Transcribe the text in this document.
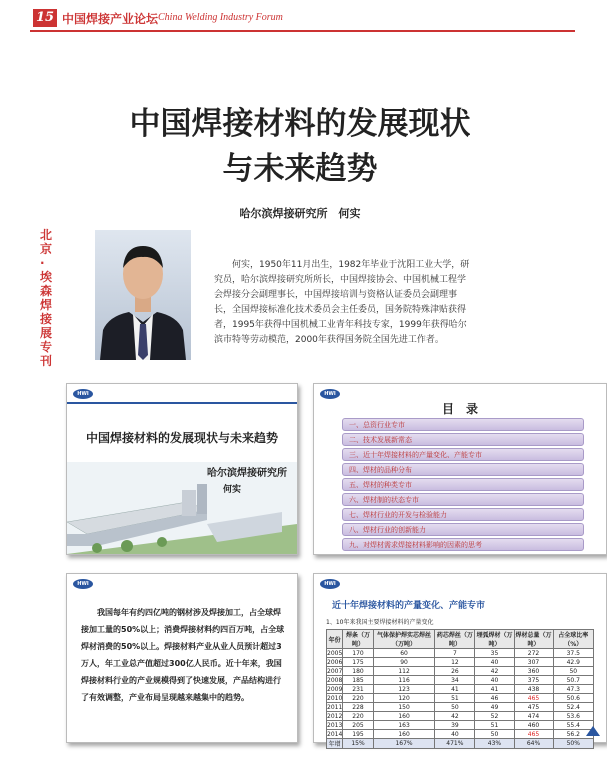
15 中国焊接产业论坛 China Welding Industry Forum
北京·埃森焊接展专刊
中国焊接材料的发展现状
与未来趋势
哈尔滨焊接研究所　何实
何实，1950年11月出生，1982年毕业于沈阳工业大学，研究员，哈尔滨焊接研究所所长，中国焊接协会、中国机械工程学会焊接分会副理事长，中国焊接培训与资格认证委员会副理事长，全国焊接标准化技术委员会主任委员，国务院特殊津贴获得者，1995年获得中国机械工业青年科技专家，1999年获得哈尔滨市特等劳动模范，2000年获得国务院全国先进工作者。
HWI
中国焊接材料的发展现状与未来趋势
哈尔滨焊接研究所
何实
HWI
目　录
一、总资行业专市
二、技术发展新常态
三、近十年焊接材料的产量变化、产能专市
四、焊材的品种分布
五、焊材的种类专市
六、焊材制的状态专市
七、焊材行业的开发与检验能力
八、焊材行业的创新能力
九、对焊材需求焊接材料影响的因素的思考
HWI
我国每年有约四亿吨的钢材涉及焊接加工，占全球焊接加工量的50%以上；消费焊接材料约四百万吨，占全球焊材消费的50%以上。焊接材料产业从业人员预计超过3万人，年工业总产值超过300亿人民币。近十年来，我国焊接材料行业的产业规模得到了快速发展，产品结构进行了有效调整，产业布局呈现越来越集中的趋势。
HWI
近十年焊接材料的产量变化、产能专市
1、10年来我国主要焊接材料的产量变化
年份	焊条（万吨）	气体保护焊实芯焊丝（万吨）	药芯焊丝（万吨）	埋弧焊材（万吨）	焊材总量（万吨）	占全球比率（%）
2005	170	60	7	35	272	37.5
2006	175	90	12	40	307	42.9
2007	180	112	26	42	360	50
2008	185	116	34	40	375	50.7
2009	231	123	41	41	438	47.3
2010	220	120	51	46	465	50.6
2011	228	150	50	49	475	52.4
2012	220	160	42	52	474	53.6
2013	205	163	39	51	460	55.4
2014	195	160	40	50	465	56.2
年增	15%	167%	471%	43%	64%	50%
